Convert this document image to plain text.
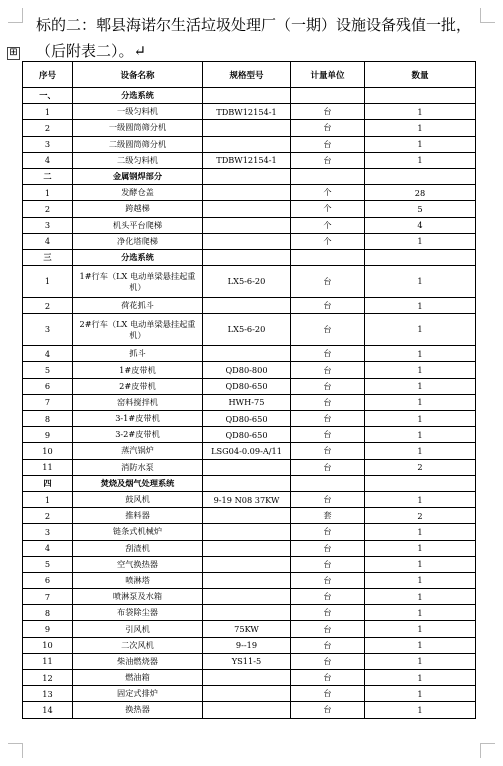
标的二：郫县海诺尔生活垃圾处理厂（一期）设施设备残值一批，
（后附表二）。↵
⊞
序号	设备名称	规格型号	计量单位	数量
一、	分选系统			
1	一级匀料机	TDBW12154-1	台	1
2	一级圆筒筛分机		台	1
3	二级圆筒筛分机		台	1
4	二级匀料机	TDBW12154-1	台	1
二	金属钢焊部分			
1	发酵仓盖		个	28
2	跨越梯		个	5
3	机头平台爬梯		个	4
4	净化塔爬梯		个	1
三	分选系统			
1	1#行车（LX 电动单梁悬挂起重机）	LX5-6-20	台	1
2	荷花抓斗		台	1
3	2#行车（LX 电动单梁悬挂起重机）	LX5-6-20	台	1
4	抓斗		台	1
5	1#皮带机	QD80-800	台	1
6	2#皮带机	QD80-650	台	1
7	窑料搅拌机	HWH-75	台	1
8	3-1#皮带机	QD80-650	台	1
9	3-2#皮带机	QD80-650	台	1
10	蒸汽锅炉	LSG04-0.09-A/11	台	1
11	消防水泵		台	2
四	焚烧及烟气处理系统			
1	鼓风机	9-19 N08 37KW	台	1
2	推料器		套	2
3	链条式机械炉		台	1
4	刮渣机		台	1
5	空气换热器		台	1
6	喷淋塔		台	1
7	喷淋泵及水箱		台	1
8	布袋除尘器		台	1
9	引风机	75KW	台	1
10	二次风机	9--19	台	1
11	柴油燃烧器	YS11-5	台	1
12	燃油箱		台	1
13	固定式排炉		台	1
14	换热器		台	1
